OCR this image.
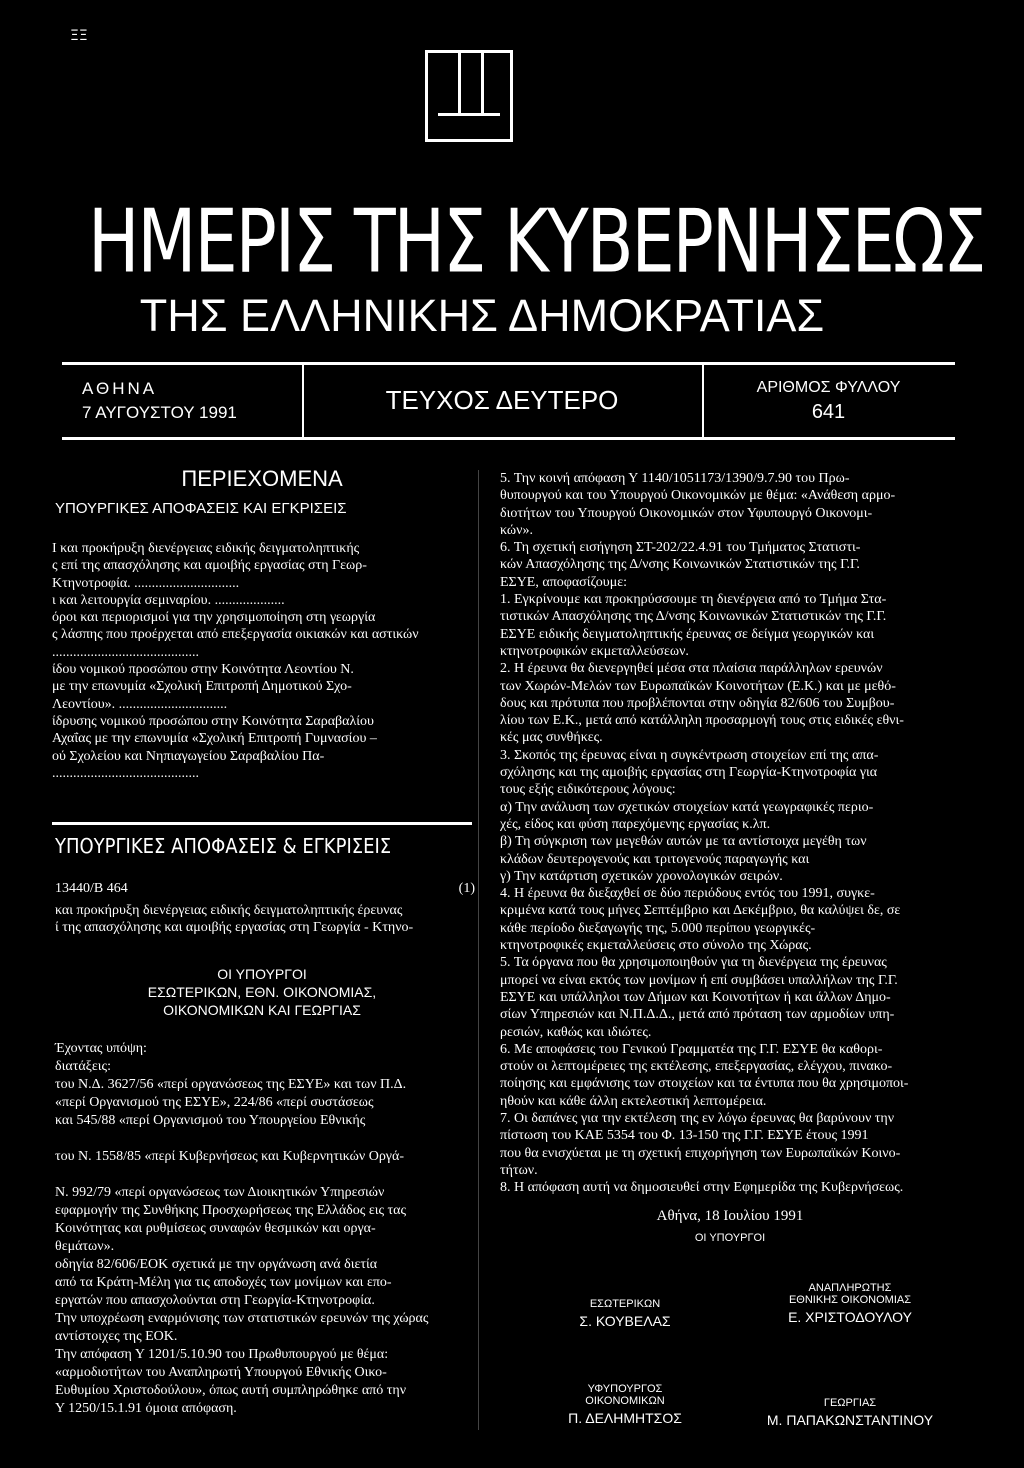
ΞΞ
ΗΜΕΡΙΣ ΤΗΣ ΚΥΒΕΡΝΗΣΕΩΣ
ΤΗΣ ΕΛΛΗΝΙΚΗΣ ΔΗΜΟΚΡΑΤΙΑΣ
ΑΘΗΝΑ
7 ΑΥΓΟΥΣΤΟΥ 1991	ΤΕΥΧΟΣ ΔΕΥΤΕΡΟ	ΑΡΙΘΜΟΣ ΦΥΛΛΟΥ
641
ΠΕΡΙΕΧΟΜΕΝΑ
ΥΠΟΥΡΓΙΚΕΣ ΑΠΟΦΑΣΕΙΣ ΚΑΙ ΕΓΚΡΙΣΕΙΣ

Ι και προκήρυξη διενέργειας ειδικής δειγματοληπτικής

ς επί της απασχόλησης και αμοιβής εργασίας στη Γεωρ-

Κτηνοτροφία. ..............................

ι και λειτουργία σεμιναρίου. ....................

όροι και περιορισμοί για την χρησιμοποίηση στη γεωργία

ς λάσπης που προέρχεται από επεξεργασία οικιακών και αστικών

..........................................

ίδου νομικού προσώπου στην Κοινότητα Λεοντίου Ν.

με την επωνυμία «Σχολική Επιτροπή Δημοτικού Σχο-

Λεοντίου». ...............................

ίδρυσης νομικού προσώπου στην Κοινότητα Σαραβαλίου

Αχαΐας με την επωνυμία «Σχολική Επιτροπή Γυμνασίου –

ού Σχολείου και Νηπιαγωγείου Σαραβαλίου Πα-

..........................................

ΥΠΟΥΡΓΙΚΕΣ ΑΠΟΦΑΣΕΙΣ & ΕΓΚΡΙΣΕΙΣ
13440/Β 464	(1)

και προκήρυξη διενέργειας ειδικής δειγματοληπτικής έρευνας

ί της απασχόλησης και αμοιβής εργασίας στη Γεωργία - Κτηνο-

ΟΙ ΥΠΟΥΡΓΟΙ
ΕΣΩΤΕΡΙΚΩΝ, ΕΘΝ. ΟΙΚΟΝΟΜΙΑΣ,
ΟΙΚΟΝΟΜΙΚΩΝ ΚΑΙ ΓΕΩΡΓΙΑΣ

Έχοντας υπόψη:

διατάξεις:

του Ν.Δ. 3627/56 «περί οργανώσεως της ΕΣΥΕ» και των Π.Δ.

«περί Οργανισμού της ΕΣΥΕ», 224/86 «περί συστάσεως

και 545/88 «περί Οργανισμού του Υπουργείου Εθνικής

του Ν. 1558/85 «περί Κυβερνήσεως και Κυβερνητικών Οργά-

Ν. 992/79 «περί οργανώσεως των Διοικητικών Υπηρεσιών

εφαρμογήν της Συνθήκης Προσχωρήσεως της Ελλάδος εις τας

Κοινότητας και ρυθμίσεως συναφών θεσμικών και οργα-

θεμάτων».

οδηγία 82/606/ΕΟΚ σχετικά με την οργάνωση ανά διετία

από τα Κράτη-Μέλη για τις αποδοχές των μονίμων και επο-

εργατών που απασχολούνται στη Γεωργία-Κτηνοτροφία.

Την υποχρέωση εναρμόνισης των στατιστικών ερευνών της χώρας

αντίστοιχες της ΕΟΚ.

Την απόφαση Υ 1201/5.10.90 του Πρωθυπουργού με θέμα:

«αρμοδιοτήτων του Αναπληρωτή Υπουργού Εθνικής Οικο-

Ευθυμίου Χριστοδούλου», όπως αυτή συμπληρώθηκε από την

Υ 1250/15.1.91 όμοια απόφαση.

5. Την κοινή απόφαση Υ 1140/1051173/1390/9.7.90 του Πρω-

θυπουργού και του Υπουργού Οικονομικών με θέμα: «Ανάθεση αρμο-

διοτήτων του Υπουργού Οικονομικών στον Υφυπουργό Οικονομι-

κών».

6. Τη σχετική εισήγηση ΣΤ-202/22.4.91 του Τμήματος Στατιστι-

κών Απασχόλησης της Δ/νσης Κοινωνικών Στατιστικών της Γ.Γ.

ΕΣΥΕ, αποφασίζουμε:

1. Εγκρίνουμε και προκηρύσσουμε τη διενέργεια από το Τμήμα Στα-

τιστικών Απασχόλησης της Δ/νσης Κοινωνικών Στατιστικών της Γ.Γ.

ΕΣΥΕ ειδικής δειγματοληπτικής έρευνας σε δείγμα γεωργικών και

κτηνοτροφικών εκμεταλλεύσεων.

2. Η έρευνα θα διενεργηθεί μέσα στα πλαίσια παράλληλων ερευνών

των Χωρών-Μελών των Ευρωπαϊκών Κοινοτήτων (Ε.Κ.) και με μεθό-

δους και πρότυπα που προβλέπονται στην οδηγία 82/606 του Συμβου-

λίου των Ε.Κ., μετά από κατάλληλη προσαρμογή τους στις ειδικές εθνι-

κές μας συνθήκες.

3. Σκοπός της έρευνας είναι η συγκέντρωση στοιχείων επί της απα-

σχόλησης και της αμοιβής εργασίας στη Γεωργία-Κτηνοτροφία για

τους εξής ειδικότερους λόγους:

α) Την ανάλυση των σχετικών στοιχείων κατά γεωγραφικές περιο-

χές, είδος και φύση παρεχόμενης εργασίας κ.λπ.

β) Τη σύγκριση των μεγεθών αυτών με τα αντίστοιχα μεγέθη των

κλάδων δευτερογενούς και τριτογενούς παραγωγής και

γ) Την κατάρτιση σχετικών χρονολογικών σειρών.

4. Η έρευνα θα διεξαχθεί σε δύο περιόδους εντός του 1991, συγκε-

κριμένα κατά τους μήνες Σεπτέμβριο και Δεκέμβριο, θα καλύψει δε, σε

κάθε περίοδο διεξαγωγής της, 5.000 περίπου γεωργικές-

κτηνοτροφικές εκμεταλλεύσεις στο σύνολο της Χώρας.

5. Τα όργανα που θα χρησιμοποιηθούν για τη διενέργεια της έρευνας

μπορεί να είναι εκτός των μονίμων ή επί συμβάσει υπαλλήλων της Γ.Γ.

ΕΣΥΕ και υπάλληλοι των Δήμων και Κοινοτήτων ή και άλλων Δημο-

σίων Υπηρεσιών και Ν.Π.Δ.Δ., μετά από πρόταση των αρμοδίων υπη-

ρεσιών, καθώς και ιδιώτες.

6. Με αποφάσεις του Γενικού Γραμματέα της Γ.Γ. ΕΣΥΕ θα καθορι-

στούν οι λεπτομέρειες της εκτέλεσης, επεξεργασίας, ελέγχου, πινακο-

ποίησης και εμφάνισης των στοιχείων και τα έντυπα που θα χρησιμοποι-

ηθούν και κάθε άλλη εκτελεστική λεπτομέρεια.

7. Οι δαπάνες για την εκτέλεση της εν λόγω έρευνας θα βαρύνουν την

πίστωση του ΚΑΕ 5354 του Φ. 13-150 της Γ.Γ. ΕΣΥΕ έτους 1991

που θα ενισχύεται με τη σχετική επιχορήγηση των Ευρωπαϊκών Κοινο-

τήτων.

8. Η απόφαση αυτή να δημοσιευθεί στην Εφημερίδα της Κυβερνήσεως.

Αθήνα, 18 Ιουλίου 1991
ΟΙ ΥΠΟΥΡΓΟΙ
ΕΣΩΤΕΡΙΚΩΝ
Σ. ΚΟΥΒΕΛΑΣ
ΑΝΑΠΛΗΡΩΤΗΣ
ΕΘΝΙΚΗΣ ΟΙΚΟΝΟΜΙΑΣ
Ε. ΧΡΙΣΤΟΔΟΥΛΟΥ
ΥΦΥΠΟΥΡΓΟΣ
ΟΙΚΟΝΟΜΙΚΩΝ
Π. ΔΕΛΗΜΗΤΣΟΣ
ΓΕΩΡΓΙΑΣ
Μ. ΠΑΠΑΚΩΝΣΤΑΝΤΙΝΟΥ
